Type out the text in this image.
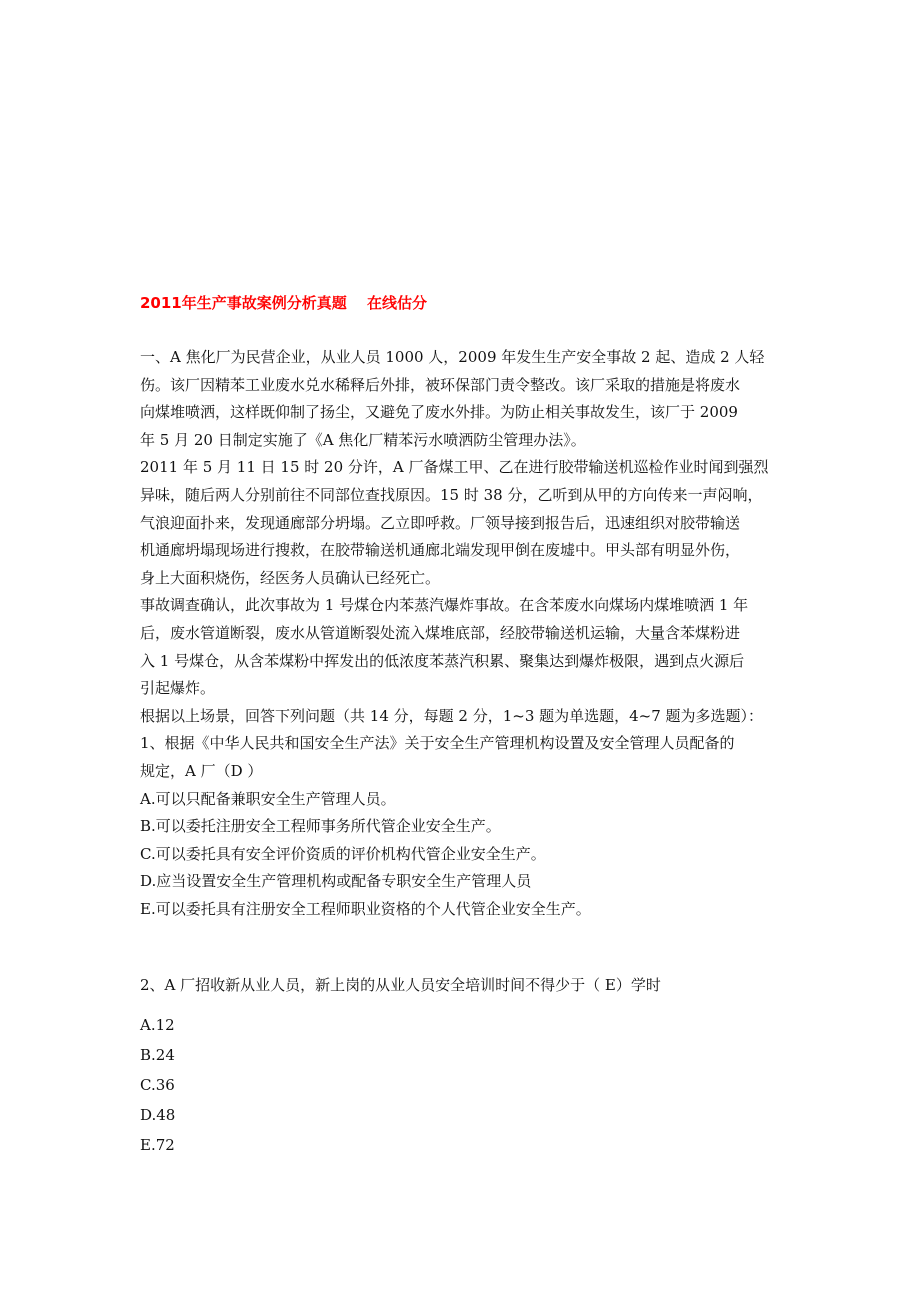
2011年生产事故案例分析真题　 在线估分
一、A 焦化厂为民营企业，从业人员 1000 人，2009 年发生生产安全事故 2 起、造成 2 人轻
伤。该厂因精苯工业废水兑水稀释后外排，被环保部门责令整改。该厂采取的措施是将废水
向煤堆喷洒，这样既仰制了扬尘，又避免了废水外排。为防止相关事故发生，该厂于 2009
年 5 月 20 日制定实施了《A 焦化厂精苯污水喷洒防尘管理办法》。
2011 年 5 月 11 日 15 时 20 分许，A 厂备煤工甲、乙在进行胶带输送机巡检作业时闻到强烈
异味，随后两人分别前往不同部位查找原因。15 时 38 分，乙听到从甲的方向传来一声闷响，
气浪迎面扑来，发现通廊部分坍塌。乙立即呼救。厂领导接到报告后，迅速组织对胶带输送
机通廊坍塌现场进行搜救，在胶带输送机通廊北端发现甲倒在废墟中。甲头部有明显外伤，
身上大面积烧伤，经医务人员确认已经死亡。
事故调查确认，此次事故为 1 号煤仓内苯蒸汽爆炸事故。在含苯废水向煤场内煤堆喷洒 1 年
后，废水管道断裂，废水从管道断裂处流入煤堆底部，经胶带输送机运输，大量含苯煤粉进
入 1 号煤仓，从含苯煤粉中挥发出的低浓度苯蒸汽积累、聚集达到爆炸极限，遇到点火源后
引起爆炸。
根据以上场景，回答下列问题（共 14 分，每题 2 分，1~3 题为单选题，4~7 题为多选题）：
1、根据《中华人民共和国安全生产法》关于安全生产管理机构设置及安全管理人员配备的
规定，A 厂（D ）
A.可以只配备兼职安全生产管理人员。
B.可以委托注册安全工程师事务所代管企业安全生产。
C.可以委托具有安全评价资质的评价机构代管企业安全生产。
D.应当设置安全生产管理机构或配备专职安全生产管理人员
E.可以委托具有注册安全工程师职业资格的个人代管企业安全生产。
2、A 厂招收新从业人员，新上岗的从业人员安全培训时间不得少于（ E）学时
A.12
B.24
C.36
D.48
E.72
